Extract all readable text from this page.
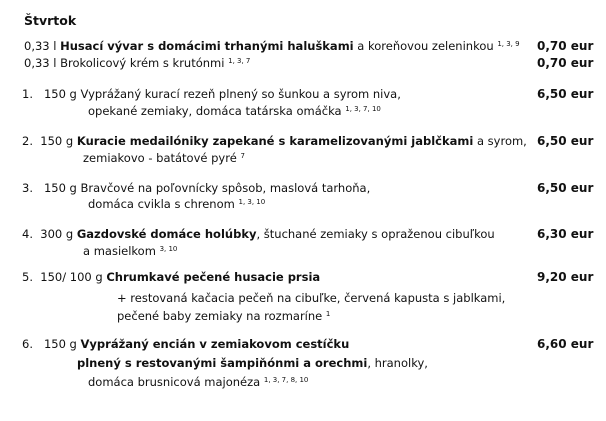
Štvrtok
0,33 l Husací vývar s domácimi trhanými haluškami a koreňovou zeleninkou $^{1, 3, 9}$ 0,70 eur
0,33 l Brokolicový krém s krutónmi $^{1, 3, 7}$	0,70 eur
1. 150 g Vyprážaný kurací rezeň plnený so šunkou a syrom niva,
opekané zemiaky, domáca tatárska omáčka $^{1, 3, 7, 10}$
6,50 eur
2. 150 g Kuracie medailóniky zapekané s karamelizovanými jablčkami a syrom,
zemiakovo - batátové pyré $^7$
6,50 eur
3. 150 g Bravčové na poľovnícky spôsob, maslová tarhoňa,
domáca cvikla s chrenom $^{1, 3, 10}$
6,50 eur
4. 300 g Gazdovské domáce holúbky, štuchané zemiaky s opraženou cibuľkou
a masielkom $^{3, 10}$
6,30 eur
5. 150/ 100 g Chrumkavé pečené husacie prsia
+ restovaná kačacia pečeň na cibuľke, červená kapusta s jablkami,
pečené baby zemiaky na rozmaríne $^1$
9,20 eur
6. 150 g Vyprážaný encián v zemiakovom cestíčku
plnený s restovanými šampiňónmi a orechmi, hranolky,
domáca brusnicová majonéza $^{1, 3, 7, 8, 10}$
6,60 eur
